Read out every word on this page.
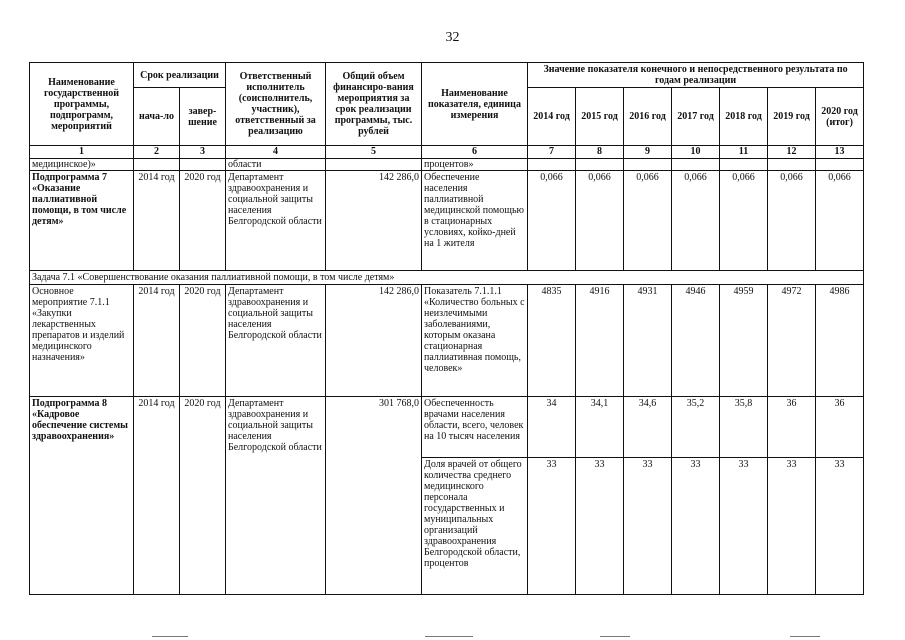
32
Наименование государственной программы, подпрограмм, мероприятий	Срок реализации		Ответственный исполнитель (соисполнитель, участник), ответственный за реализацию	Общий объем финансиро-вания мероприятия за срок реализации программы, тыс. рублей	Наименование показателя, единица измерения	Значение показателя конечного и непосредственного результата по годам реализации						
	нача-ло	завер-шение				2014 год	2015 год	2016 год	2017 год	2018 год	2019 год	2020 год (итог)
1	2	3	4	5	6	7	8	9	10	11	12	13
медицинское)»			области		процентов»							
Подпрограмма 7 «Оказание паллиативной помощи, в том числе детям»	2014 год	2020 год	Департамент здравоохранения и социальной защиты населения Белгородской области	142 286,0	Обеспечение населения паллиативной медицинской помощью в стационарных условиях, койко-дней на 1 жителя	0,066	0,066	0,066	0,066	0,066	0,066	0,066
Задача 7.1 «Совершенствование оказания паллиативной помощи, в том числе детям»												
Основное мероприятие 7.1.1 «Закупки лекарственных препаратов и изделий медицинского назначения»	2014 год	2020 год	Департамент здравоохранения и социальной защиты населения Белгородской области	142 286,0	Показатель 7.1.1.1 «Количество больных с неизлечимыми заболеваниями, которым оказана стационарная паллиативная помощь, человек»	4835	4916	4931	4946	4959	4972	4986
Подпрограмма 8 «Кадровое обеспечение системы здравоохранения»	2014 год	2020 год	Департамент здравоохранения и социальной защиты населения Белгородской области	301 768,0	Обеспеченность врачами населения области, всего, человек на 10 тысяч населения	34	34,1	34,6	35,2	35,8	36	36
					Доля врачей от общего количества среднего медицинского персонала государственных и муниципальных организаций здравоохранения Белгородской области, процентов	33	33	33	33	33	33	33
